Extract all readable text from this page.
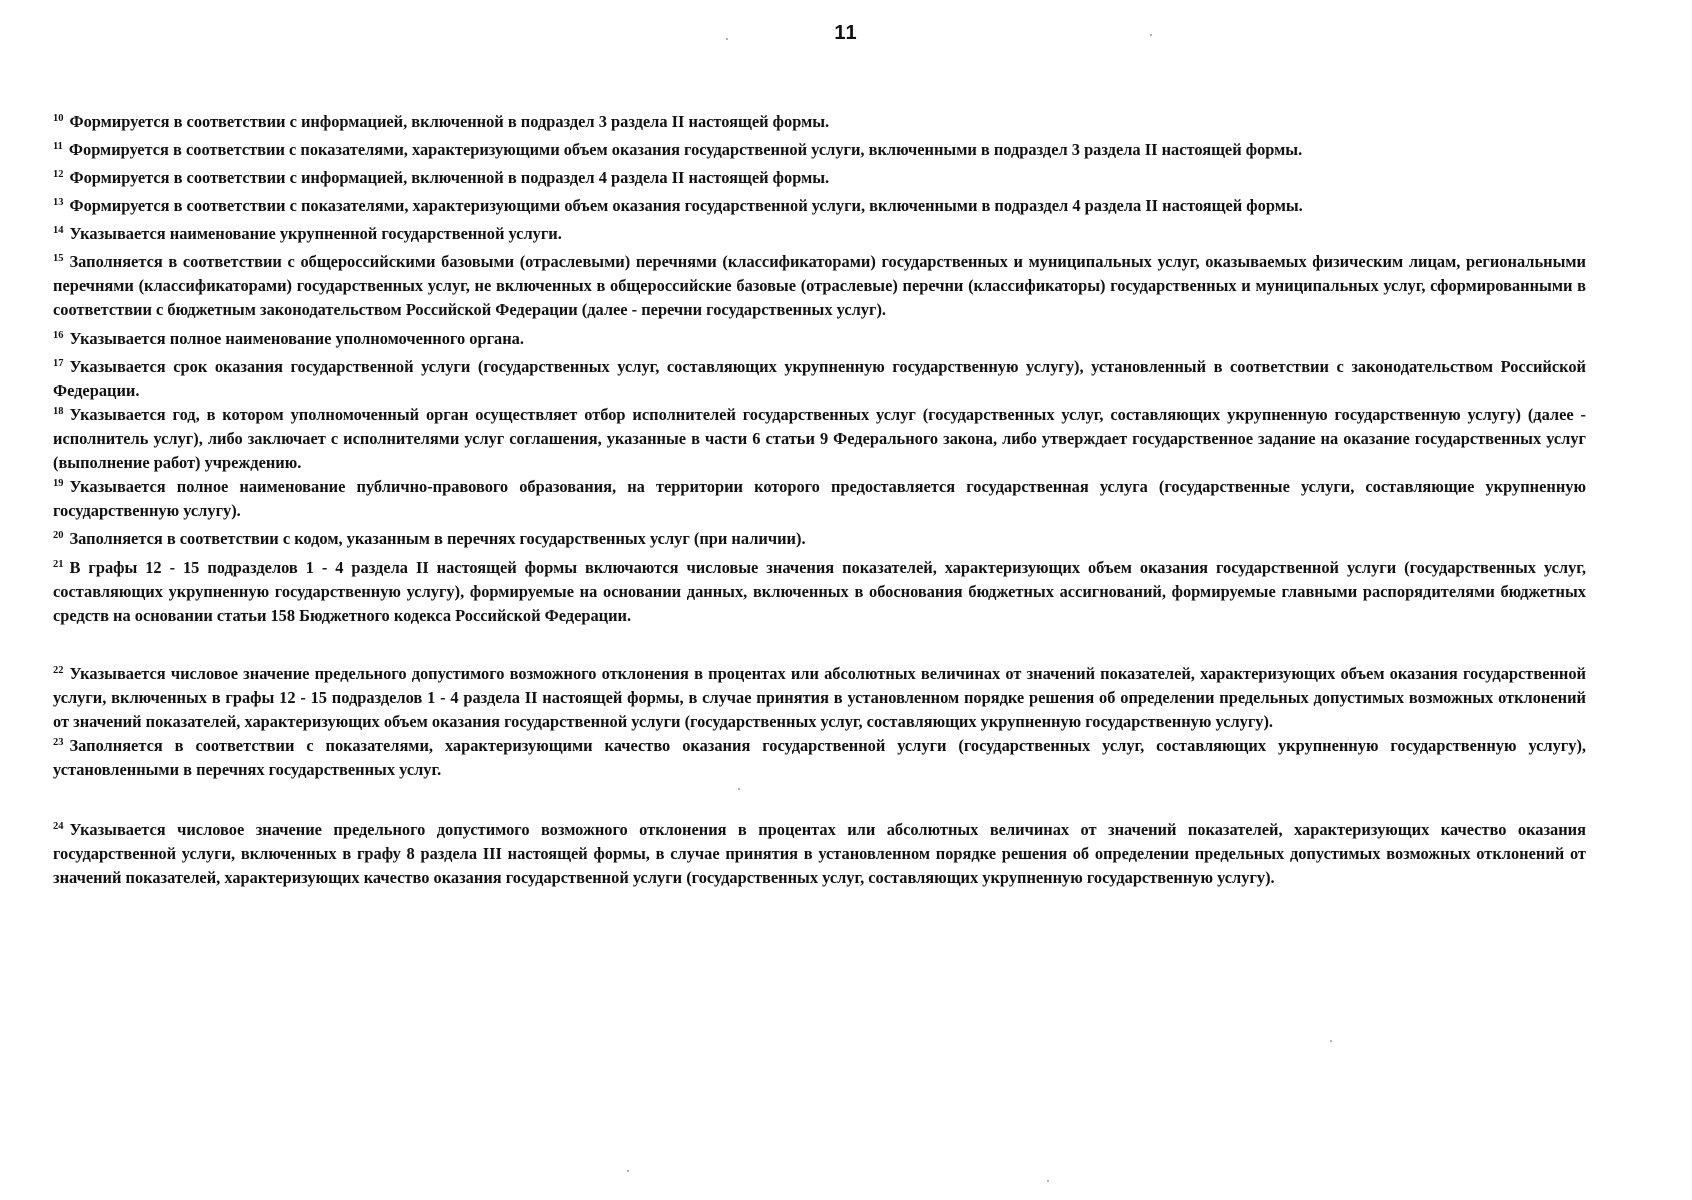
11

$^{10}$ Формируется в соответствии с информацией, включенной в подраздел 3 раздела II настоящей формы.

$^{11}$ Формируется в соответствии с показателями, характеризующими объем оказания государственной услуги, включенными в подраздел 3 раздела II настоящей формы.

$^{12}$ Формируется в соответствии с информацией, включенной в подраздел 4 раздела II настоящей формы.

$^{13}$ Формируется в соответствии с показателями, характеризующими объем оказания государственной услуги, включенными в подраздел 4 раздела II настоящей формы.

$^{14}$ Указывается наименование укрупненной государственной услуги.

$^{15}$ Заполняется в соответствии с общероссийскими базовыми (отраслевыми) перечнями (классификаторами) государственных и муниципальных услуг, оказываемых физическим лицам, региональными перечнями (классификаторами) государственных услуг, не включенных в общероссийские базовые (отраслевые) перечни (классификаторы) государственных и муниципальных услуг, сформированными в соответствии с бюджетным законодательством Российской Федерации (далее - перечни государственных услуг).

$^{16}$ Указывается полное наименование уполномоченного органа.

$^{17}$ Указывается срок оказания государственной услуги (государственных услуг, составляющих укрупненную государственную услугу), установленный в соответствии с законодательством Российской Федерации.

$^{18}$ Указывается год, в котором уполномоченный орган осуществляет отбор исполнителей государственных услуг (государственных услуг, составляющих укрупненную государственную услугу) (далее - исполнитель услуг), либо заключает с исполнителями услуг соглашения, указанные в части 6 статьи 9 Федерального закона, либо утверждает государственное задание на оказание государственных услуг (выполнение работ) учреждению.

$^{19}$ Указывается полное наименование публично-правового образования, на территории которого предоставляется государственная услуга (государственные услуги, составляющие укрупненную государственную услугу).

$^{20}$ Заполняется в соответствии с кодом, указанным в перечнях государственных услуг (при наличии).

$^{21}$ В графы 12 - 15 подразделов 1 - 4 раздела II настоящей формы включаются числовые значения показателей, характеризующих объем оказания государственной услуги (государственных услуг, составляющих укрупненную государственную услугу), формируемые на основании данных, включенных в обоснования бюджетных ассигнований, формируемые главными распорядителями бюджетных средств на основании статьи 158 Бюджетного кодекса Российской Федерации.

$^{22}$ Указывается числовое значение предельного допустимого возможного отклонения в процентах или абсолютных величинах от значений показателей, характеризующих объем оказания государственной услуги, включенных в графы 12 - 15 подразделов 1 - 4 раздела II настоящей формы, в случае принятия в установленном порядке решения об определении предельных допустимых возможных отклонений от значений показателей, характеризующих объем оказания государственной услуги (государственных услуг, составляющих укрупненную государственную услугу).

$^{23}$ Заполняется в соответствии с показателями, характеризующими качество оказания государственной услуги (государственных услуг, составляющих укрупненную государственную услугу), установленными в перечнях государственных услуг.

$^{24}$ Указывается числовое значение предельного допустимого возможного отклонения в процентах или абсолютных величинах от значений показателей, характеризующих качество оказания государственной услуги, включенных в графу 8 раздела III настоящей формы, в случае принятия в установленном порядке решения об определении предельных допустимых возможных отклонений от значений показателей, характеризующих качество оказания государственной услуги (государственных услуг, составляющих укрупненную государственную услугу).
